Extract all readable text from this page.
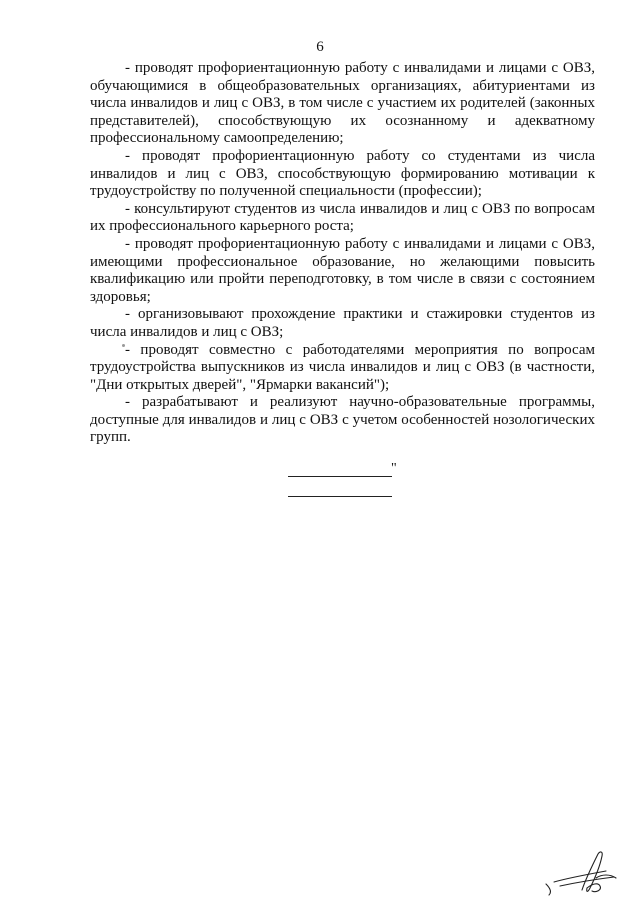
6

- проводят профориентационную работу с инвалидами и лицами с ОВЗ, обучающимися в общеобразовательных организациях, абитуриентами из числа инвалидов и лиц с ОВЗ, в том числе с участием их родителей (законных представителей), способствующую их осознанному и адекватному профессиональному самоопределению;

- проводят профориентационную работу со студентами из числа инвалидов и лиц с ОВЗ, способствующую формированию мотивации к трудоустройству по полученной специальности (профессии);

- консультируют студентов из числа инвалидов и лиц с ОВЗ по вопросам их профессионального карьерного роста;

- проводят профориентационную работу с инвалидами и лицами с ОВЗ, имеющими профессиональное образование, но желающими повысить квалификацию или пройти переподготовку, в том числе в связи с состоянием здоровья;

- организовывают прохождение практики и стажировки студентов из числа инвалидов и лиц с ОВЗ;

- проводят совместно с работодателями мероприятия по вопросам трудоустройства выпускников из числа инвалидов и лиц с ОВЗ (в частности, "Дни открытых дверей", "Ярмарки вакансий");

- разрабатывают и реализуют научно-образовательные программы, доступные для инвалидов и лиц с ОВЗ с учетом особенностей нозологических групп.

"
